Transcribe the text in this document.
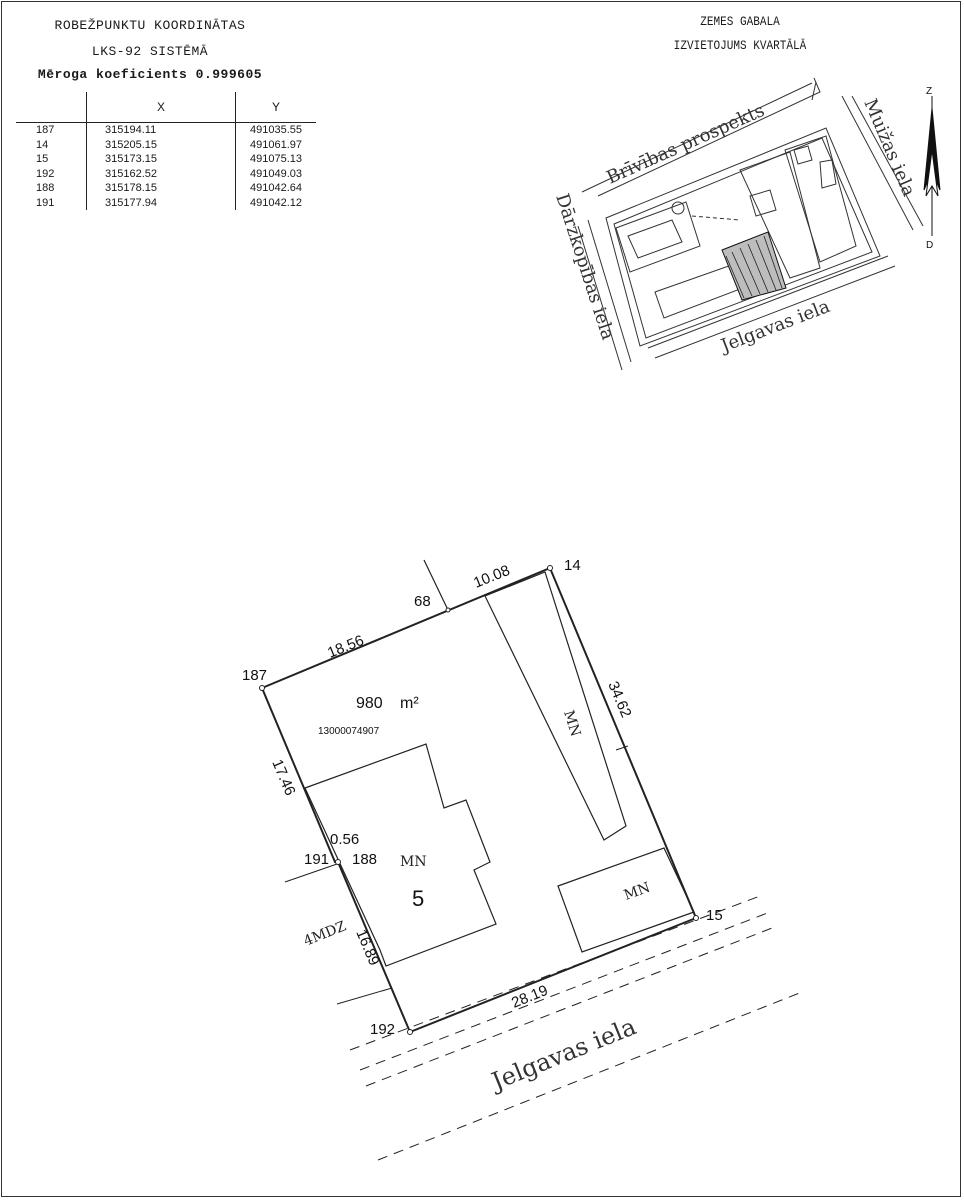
ROBEŽPUNKTU KOORDINĀTAS
LKS-92 SISTĒMĀ
Mēroga koeficients 0.999605
	X	Y
187	315194.11	491035.55
14	315205.15	491061.97
15	315173.15	491075.13
192	315162.52	491049.03
188	315178.15	491042.64
191	315177.94	491042.12
ZEMES GABALA
IZVIETOJUMS KVARTĀLĀ
Z
D
Brīvības prospekts	Muižas iela
Dārzkopības iela	Jelgavas iela
187
14
15
192
191 188
68
18.56
10.08
34.62
28.19
16.89
17.46
0.56
980 m²
13000074907
5
MN
MN
MN
4MDZ
Jelgavas iela
